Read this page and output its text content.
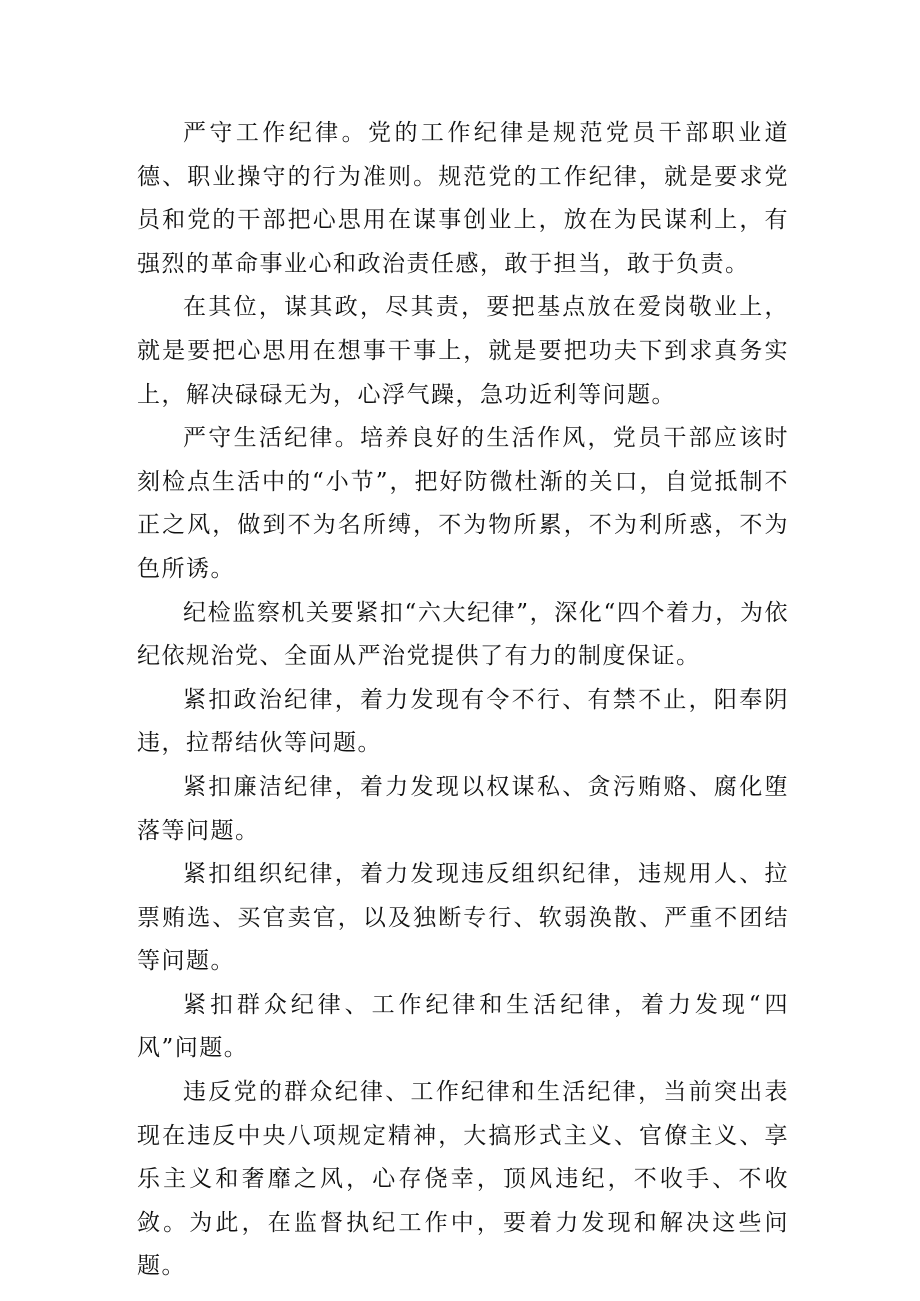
严守工作纪律。党的工作纪律是规范党员干部职业道德、职业操守的行为准则。规范党的工作纪律，就是要求党员和党的干部把心思用在谋事创业上，放在为民谋利上，有强烈的革命事业心和政治责任感，敢于担当，敢于负责。

在其位，谋其政，尽其责，要把基点放在爱岗敬业上，就是要把心思用在想事干事上，就是要把功夫下到求真务实上，解决碌碌无为，心浮气躁，急功近利等问题。

严守生活纪律。培养良好的生活作风，党员干部应该时刻检点生活中的“小节”，把好防微杜渐的关口，自觉抵制不正之风，做到不为名所缚，不为物所累，不为利所惑，不为色所诱。

纪检监察机关要紧扣“六大纪律”，深化“四个着力，为依纪依规治党、全面从严治党提供了有力的制度保证。

紧扣政治纪律，着力发现有令不行、有禁不止，阳奉阴违，拉帮结伙等问题。

紧扣廉洁纪律，着力发现以权谋私、贪污贿赂、腐化堕落等问题。

紧扣组织纪律，着力发现违反组织纪律，违规用人、拉票贿选、买官卖官，以及独断专行、软弱涣散、严重不团结等问题。

紧扣群众纪律、工作纪律和生活纪律，着力发现“四风”问题。

违反党的群众纪律、工作纪律和生活纪律，当前突出表现在违反中央八项规定精神，大搞形式主义、官僚主义、享乐主义和奢靡之风，心存侥幸，顶风违纪，不收手、不收敛。为此，在监督执纪工作中，要着力发现和解决这些问题。
